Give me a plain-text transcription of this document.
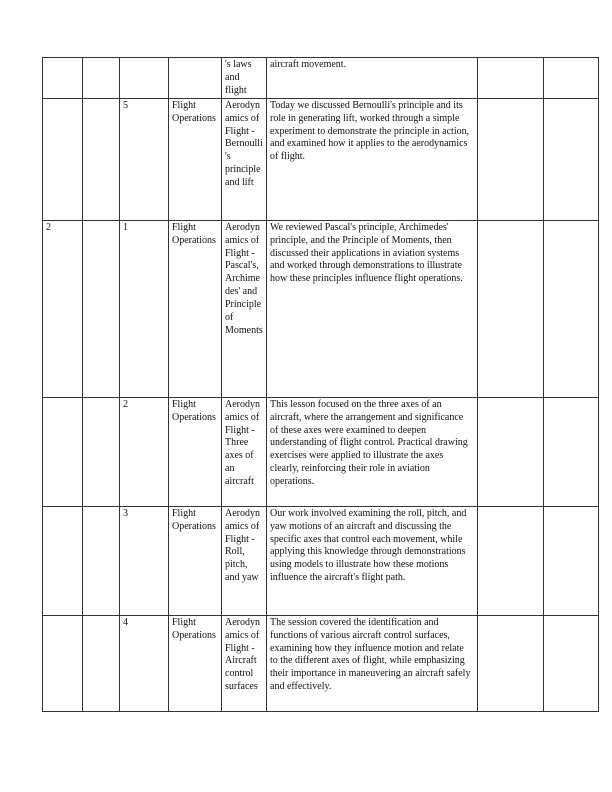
				's laws and flight	aircraft movement.		
		5	Flight Operations	Aerodynamics of Flight - Bernoulli's principle and lift	Today we discussed Bernoulli's principle and its role in generating lift, worked through a simple experiment to demonstrate the principle in action, and examined how it applies to the aerodynamics of flight.		
2		1	Flight Operations	Aerodynamics of Flight - Pascal's, Archimedes' and Principle of Moments	We reviewed Pascal's principle, Archimedes' principle, and the Principle of Moments, then discussed their applications in aviation systems and worked through demonstrations to illustrate how these principles influence flight operations.		
		2	Flight Operations	Aerodynamics of Flight - Three axes of an aircraft	This lesson focused on the three axes of an aircraft, where the arrangement and significance of these axes were examined to deepen understanding of flight control. Practical drawing exercises were applied to illustrate the axes clearly, reinforcing their role in aviation operations.		
		3	Flight Operations	Aerodynamics of Flight - Roll, pitch, and yaw	Our work involved examining the roll, pitch, and yaw motions of an aircraft and discussing the specific axes that control each movement, while applying this knowledge through demonstrations using models to illustrate how these motions influence the aircraft's flight path.		
		4	Flight Operations	Aerodynamics of Flight - Aircraft control surfaces	The session covered the identification and functions of various aircraft control surfaces, examining how they influence motion and relate to the different axes of flight, while emphasizing their importance in maneuvering an aircraft safely and effectively.		
